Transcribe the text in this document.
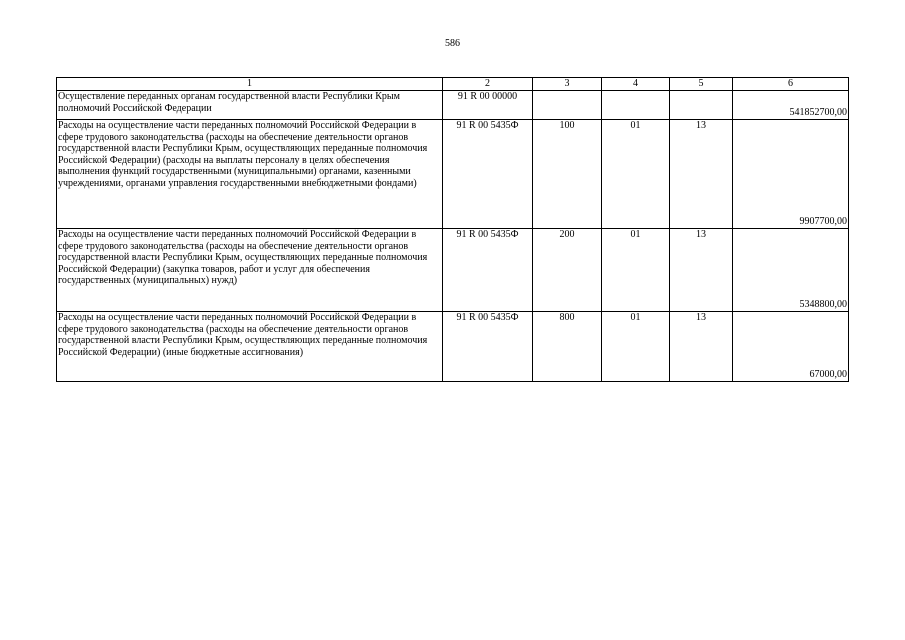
586
1	2	3	4	5	6
Осуществление переданных органам государственной власти Республики Крым полномочий Российской Федерации	91 R 00 00000				541852700,00
Расходы на осуществление части переданных полномочий Российской Федерации в сфере трудового законодательства (расходы на обеспечение деятельности органов государственной власти Республики Крым, осуществляющих переданные полномочия Российской Федерации) (расходы на выплаты персоналу в целях обеспечения выполнения функций государственными (муниципальными) органами, казенными учреждениями, органами управления государственными внебюджетными фондами)	91 R 00 5435Ф	100	01	13	9907700,00
Расходы на осуществление части переданных полномочий Российской Федерации в сфере трудового законодательства (расходы на обеспечение деятельности органов государственной власти Республики Крым, осуществляющих переданные полномочия Российской Федерации) (закупка товаров, работ и услуг для обеспечения государственных (муниципальных) нужд)	91 R 00 5435Ф	200	01	13	5348800,00
Расходы на осуществление части переданных полномочий Российской Федерации в сфере трудового законодательства (расходы на обеспечение деятельности органов государственной власти Республики Крым, осуществляющих переданные полномочия Российской Федерации) (иные бюджетные ассигнования)	91 R 00 5435Ф	800	01	13	67000,00
